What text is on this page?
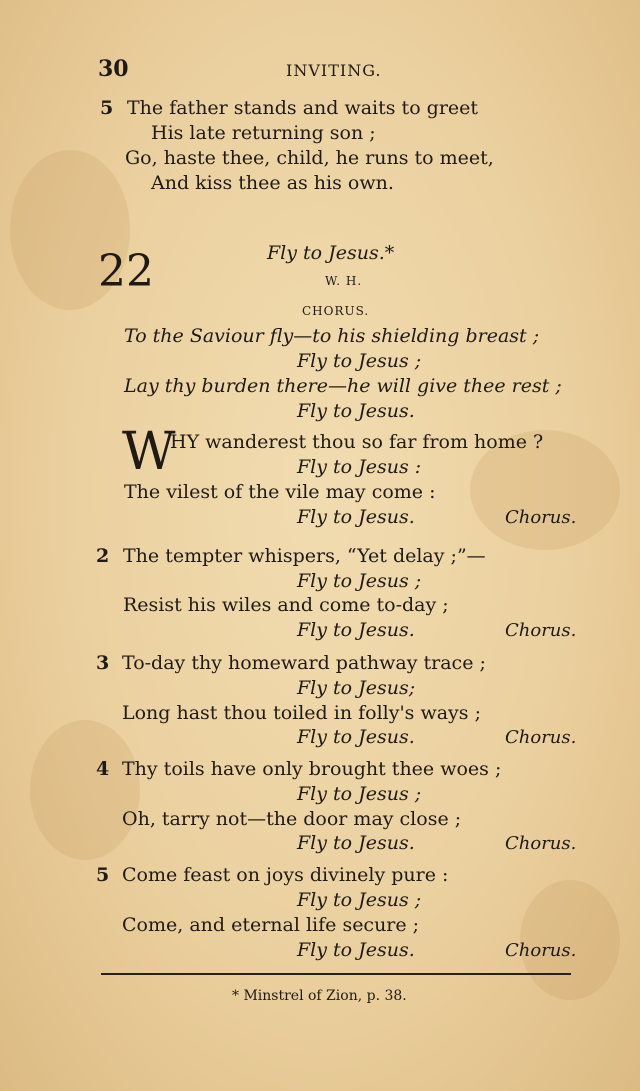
30	INVITING.
5 The father stands and waits to greet
His late returning son ;
Go, haste thee, child, he runs to meet,
And kiss thee as his own.
22	Fly to Jesus.*
W. H.
CHORUS.
To the Saviour fly—to his shielding breast ;
Fly to Jesus ;
Lay thy burden there—he will give thee rest ;
Fly to Jesus.
W
HY wanderest thou so far from home ?
Fly to Jesus :
The vilest of the vile may come :
Fly to Jesus.	Chorus.
2 The tempter whispers, “Yet delay ;”—
Fly to Jesus ;
Resist his wiles and come to-day ;
Fly to Jesus.	Chorus.
3 To-day thy homeward pathway trace ;
Fly to Jesus;
Long hast thou toiled in folly's ways ;
Fly to Jesus.	Chorus.
4 Thy toils have only brought thee woes ;
Fly to Jesus ;
Oh, tarry not—the door may close ;
Fly to Jesus.	Chorus.
5 Come feast on joys divinely pure :
Fly to Jesus ;
Come, and eternal life secure ;
Fly to Jesus.	Chorus.
* Minstrel of Zion, p. 38.
